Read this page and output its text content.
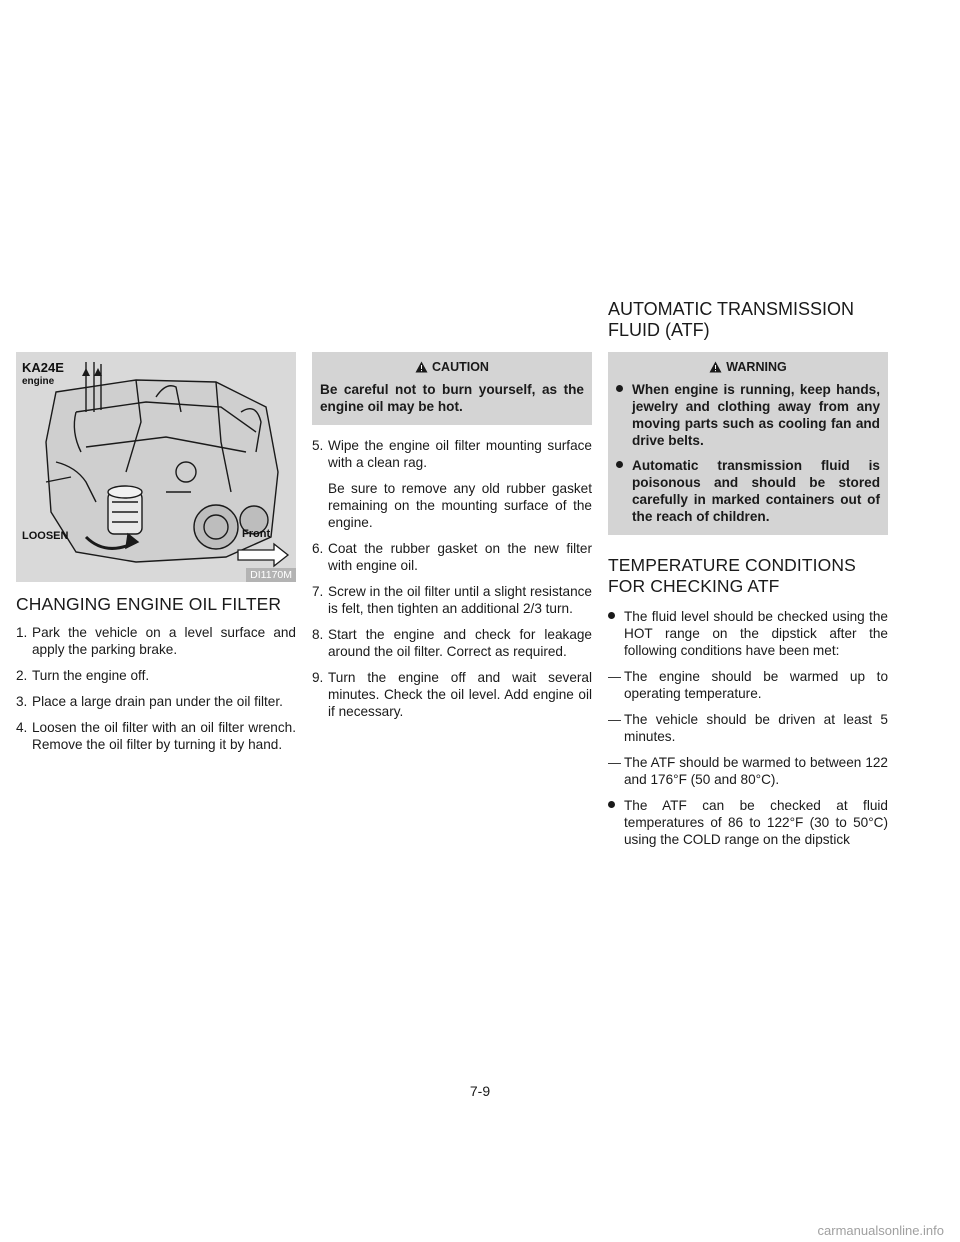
AUTOMATIC TRANSMISSION
FLUID (ATF)
KA24E
engine
LOOSEN	Front
DI1170M
CHANGING ENGINE OIL FILTER
1. Park the vehicle on a level surface and apply the parking brake.
2. Turn the engine off.
3. Place a large drain pan under the oil filter.
4. Loosen the oil filter with an oil filter wrench. Remove the oil filter by turning it by hand.
CAUTION
Be careful not to burn yourself, as the engine oil may be hot.
5. Wipe the engine oil filter mounting surface with a clean rag.

Be sure to remove any old rubber gasket remaining on the mounting surface of the engine.

6. Coat the rubber gasket on the new filter with engine oil.
7. Screw in the oil filter until a slight resistance is felt, then tighten an additional 2/3 turn.
8. Start the engine and check for leakage around the oil filter. Correct as required.
9. Turn the engine off and wait several minutes. Check the oil level. Add engine oil if necessary.
WARNING
When engine is running, keep hands, jewelry and clothing away from any moving parts such as cooling fan and drive belts.
Automatic transmission fluid is poisonous and should be stored carefully in marked containers out of the reach of children.
TEMPERATURE CONDITIONS
FOR CHECKING ATF
The fluid level should be checked using the HOT range on the dipstick after the following conditions have been met:
— The engine should be warmed up to operating temperature.
— The vehicle should be driven at least 5 minutes.
— The ATF should be warmed to between 122 and 176°F (50 and 80°C).
The ATF can be checked at fluid temperatures of 86 to 122°F (30 to 50°C) using the COLD range on the dipstick
7-9
carmanualsonline.info
